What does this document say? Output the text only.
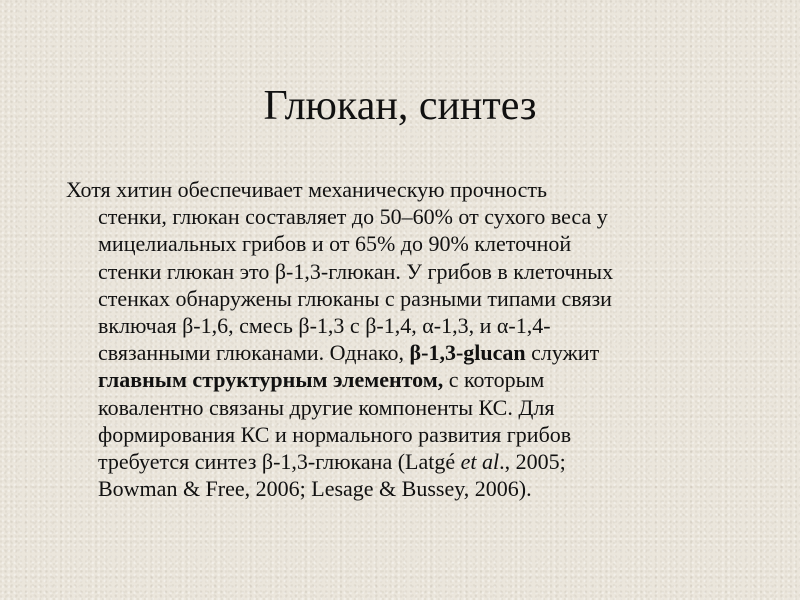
Глюкан, синтез
Хотя хитин обеспечивает механическую прочность
стенки, глюкан составляет до 50–60% от сухого веса у
мицелиальных грибов и от 65% до 90% клеточной
стенки глюкан это β-1,3-глюкан. У грибов в клеточных
стенках обнаружены глюканы с разными типами связи
включая β-1,6, смесь β-1,3 с β-1,4, α-1,3, и α-1,4-
связанными глюканами. Однако, β-1,3-glucan служит
главным структурным элементом, с которым
ковалентно связаны другие компоненты КС. Для
формирования КС и нормального развития грибов
требуется синтез β-1,3-глюкана (Latgé et al., 2005;
Bowman & Free, 2006; Lesage & Bussey, 2006).
